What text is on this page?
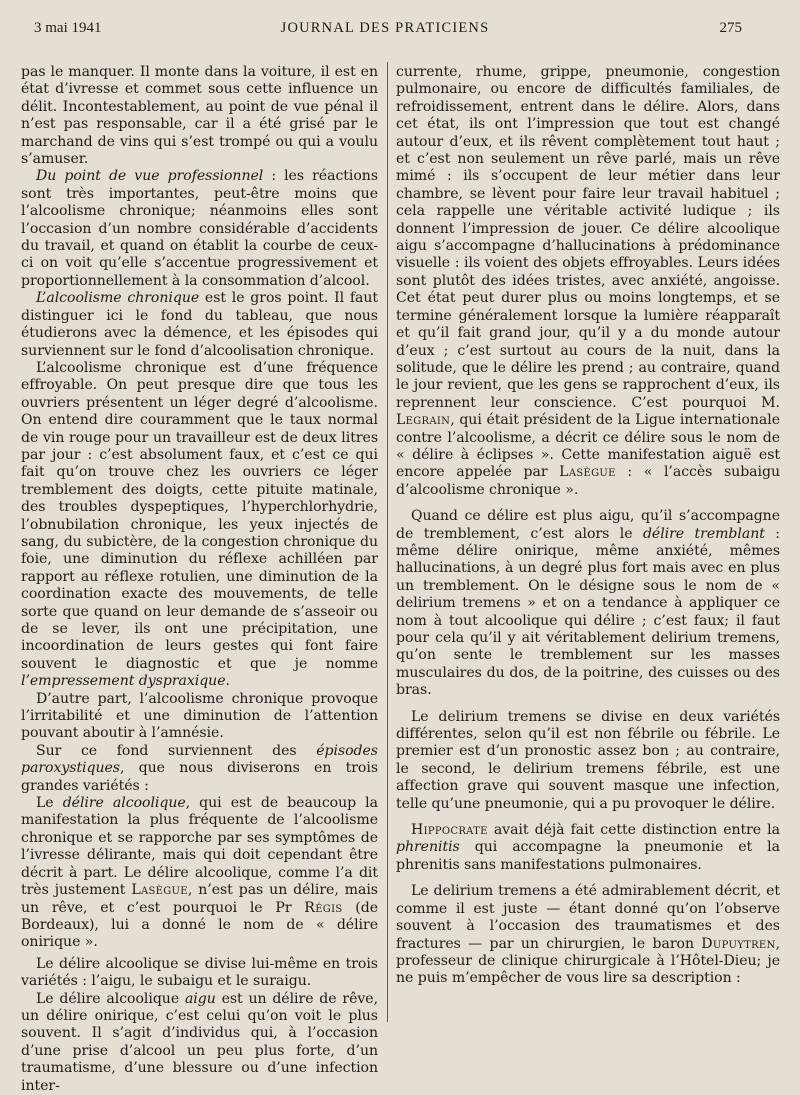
3 mai 1941	JOURNAL DES PRATICIENS	275

pas le manquer. Il monte dans la voiture, il est en état d’ivresse et commet sous cette influence un délit. Incontestablement, au point de vue pénal il n’est pas responsable, car il a été grisé par le marchand de vins qui s’est trompé ou qui a voulu s’amuser.

Du point de vue professionnel : les réactions sont très importantes, peut-être moins que l’alcoolisme chronique; néanmoins elles sont l’occasion d’un nombre considérable d’accidents du travail, et quand on établit la courbe de ceux-ci on voit qu’elle s’accentue progressivement et proportionnellement à la consommation d’alcool.

L’alcoolisme chronique est le gros point. Il faut distinguer ici le fond du tableau, que nous étudierons avec la démence, et les épisodes qui surviennent sur le fond d’alcoolisation chronique.

L’alcoolisme chronique est d’une fréquence effroyable. On peut presque dire que tous les ouvriers présentent un léger degré d’alcoolisme. On entend dire couramment que le taux normal de vin rouge pour un travailleur est de deux litres par jour : c’est absolument faux, et c’est ce qui fait qu’on trouve chez les ouvriers ce léger tremblement des doigts, cette pituite matinale, des troubles dyspeptiques, l’hyperchlorhydrie, l’obnubilation chronique, les yeux injectés de sang, du subictère, de la congestion chronique du foie, une diminution du réflexe achilléen par rapport au réflexe rotulien, une diminution de la coordination exacte des mouvements, de telle sorte que quand on leur demande de s’asseoir ou de se lever, ils ont une précipitation, une incoordination de leurs gestes qui font faire souvent le diagnostic et que je nomme l’empressement dyspraxique.

D’autre part, l’alcoolisme chronique provoque l’irritabilité et une diminution de l’attention pouvant aboutir à l’amnésie.

Sur ce fond surviennent des épisodes paroxystiques, que nous diviserons en trois grandes variétés :

Le délire alcoolique, qui est de beaucoup la manifestation la plus fréquente de l’alcoolisme chronique et se rapporche par ses symptômes de l’ivresse délirante, mais qui doit cependant être décrit à part. Le délire alcoolique, comme l’a dit très justement Lasègue, n’est pas un délire, mais un rêve, et c’est pourquoi le Pr Régis (de Bordeaux), lui a donné le nom de « délire onirique ».

Le délire alcoolique se divise lui-même en trois variétés : l’aigu, le subaigu et le suraigu.

Le délire alcoolique aigu est un délire de rêve, un délire onirique, c’est celui qu’on voit le plus souvent. Il s’agit d’individus qui, à l’occasion d’une prise d’alcool un peu plus forte, d’un traumatisme, d’une blessure ou d’une infection inter-

currente, rhume, grippe, pneumonie, congestion pulmonaire, ou encore de difficultés familiales, de refroidissement, entrent dans le délire. Alors, dans cet état, ils ont l’impression que tout est changé autour d’eux, et ils rêvent complètement tout haut ; et c’est non seulement un rêve parlé, mais un rêve mimé : ils s’occupent de leur métier dans leur chambre, se lèvent pour faire leur travail habituel ; cela rappelle une véritable activité ludique ; ils donnent l’impression de jouer. Ce délire alcoolique aigu s’accompagne d’hallucinations à prédominance visuelle : ils voient des objets effroyables. Leurs idées sont plutôt des idées tristes, avec anxiété, angoisse. Cet état peut durer plus ou moins longtemps, et se termine généralement lorsque la lumière réapparaît et qu’il fait grand jour, qu’il y a du monde autour d’eux ; c’est surtout au cours de la nuit, dans la solitude, que le délire les prend ; au contraire, quand le jour revient, que les gens se rapprochent d’eux, ils reprennent leur conscience. C’est pourquoi M. Legrain, qui était président de la Ligue internationale contre l’alcoolisme, a décrit ce délire sous le nom de « délire à éclipses ». Cette manifestation aiguë est encore appelée par Lasègue : « l’accès subaigu d’alcoolisme chronique ».

Quand ce délire est plus aigu, qu’il s’accompagne de tremblement, c’est alors le délire tremblant : même délire onirique, même anxiété, mêmes hallucinations, à un degré plus fort mais avec en plus un tremblement. On le désigne sous le nom de « delirium tremens » et on a tendance à appliquer ce nom à tout alcoolique qui délire ; c’est faux; il faut pour cela qu’il y ait véritablement delirium tremens, qu’on sente le tremblement sur les masses musculaires du dos, de la poitrine, des cuisses ou des bras.

Le delirium tremens se divise en deux variétés différentes, selon qu’il est non fébrile ou fébrile. Le premier est d’un pronostic assez bon ; au contraire, le second, le delirium tremens fébrile, est une affection grave qui souvent masque une infection, telle qu’une pneumonie, qui a pu provoquer le délire.

Hippocrate avait déjà fait cette distinction entre la phrenitis qui accompagne la pneumonie et la phrenitis sans manifestations pulmonaires.

Le delirium tremens a été admirablement décrit, et comme il est juste — étant donné qu’on l’observe souvent à l’occasion des traumatismes et des fractures — par un chirurgien, le baron Dupuytren, professeur de clinique chirurgicale à l’Hôtel-Dieu; je ne puis m’empêcher de vous lire sa description :
